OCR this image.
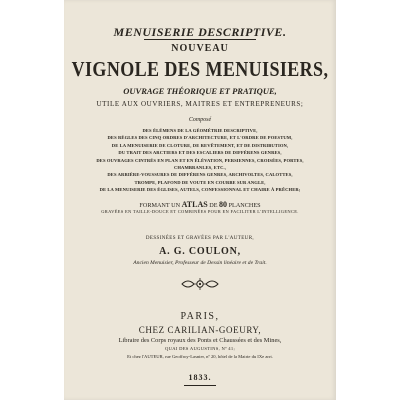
MENUISERIE DESCRIPTIVE.
NOUVEAU
VIGNOLE DES MENUISIERS,
OUVRAGE THÉORIQUE ET PRATIQUE,
UTILE AUX OUVRIERS, MAITRES ET ENTREPRENEURS;
Composé
DES ÉLÉMENS DE LA GÉOMÉTRIE DESCRIPTIVE,
DES RÈGLES DES CINQ ORDRES D'ARCHITECTURE, ET L'ORDRE DE POESTUM,
DE LA MENUISERIE DE CLOTURE, DE REVÊTEMENT, ET DE DISTRIBUTION,
DU TRAIT DES ARCTIERS ET DES ESCALIERS DE DIFFÉRENS GENRES,
DES OUVRAGES CINTRÉS EN PLAN ET EN ÉLÉVATION, PERSIENNES, CROISÉES, PORTES,
CHAMBRANLES, ETC.,
DES ARRIÈRE-VOUSSURES DE DIFFÉRENS GENRES, ARCHIVOLTES, CALOTTES,
TROMPE, PLAFOND DE VOUTE EN COURBE SUR ANGLE,
DE LA MENUISERIE DES ÉGLISES, AUTELS, CONFESSIONNAL ET CHAIRE À PRÊCHER;
FORMANT UN ATLAS DE 80 PLANCHES
GRAVÉES EN TAILLE-DOUCE ET COMBINÉES POUR EN FACILITER L'INTELLIGENCE.
DESSINÉES ET GRAVÉES PAR L'AUTEUR,
A. G. COULON,
Ancien Menuisier, Professeur de Dessin linéaire et de Trait.
PARIS,
CHEZ CARILIAN-GOEURY,
Libraire des Corps royaux des Ponts et Chaussées et des Mines,
QUAI DES AUGUSTINS, Nº 41;
Et chez l'AUTEUR, rue Geoffroy-Lasnier, nº 20, hôtel de la Mairie du IXe arrt.
1833.
